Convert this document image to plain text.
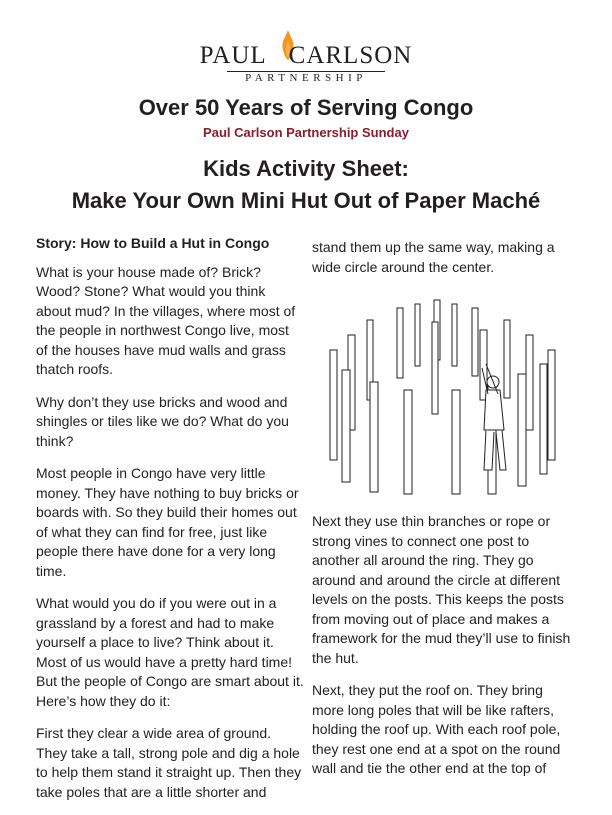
PAUL CARLSON
PARTNERSHIP
Over 50 Years of Serving Congo
Paul Carlson Partnership Sunday
Kids Activity Sheet:
Make Your Own Mini Hut Out of Paper Maché

Story: How to Build a Hut in Congo

What is your house made of? Brick? Wood? Stone? What would you think about mud? In the villages, where most of the people in northwest Congo live, most of the houses have mud walls and grass thatch roofs.

Why don’t they use bricks and wood and shingles or tiles like we do? What do you think?

Most people in Congo have very little money. They have nothing to buy bricks or boards with. So they build their homes out of what they can find for free, just like people there have done for a very long time.

What would you do if you were out in a grassland by a forest and had to make yourself a place to live? Think about it. Most of us would have a pretty hard time! But the people of Congo are smart about it. Here’s how they do it:

First they clear a wide area of ground. They take a tall, strong pole and dig a hole to help them stand it straight up. Then they take poles that are a little shorter and

stand them up the same way, making a wide circle around the center.

Next they use thin branches or rope or strong vines to connect one post to another all around the ring. They go around and around the circle at different levels on the posts. This keeps the posts from moving out of place and makes a framework for the mud they’ll use to finish the hut.

Next, they put the roof on. They bring more long poles that will be like rafters, holding the roof up. With each roof pole, they rest one end at a spot on the round wall and tie the other end at the top of
